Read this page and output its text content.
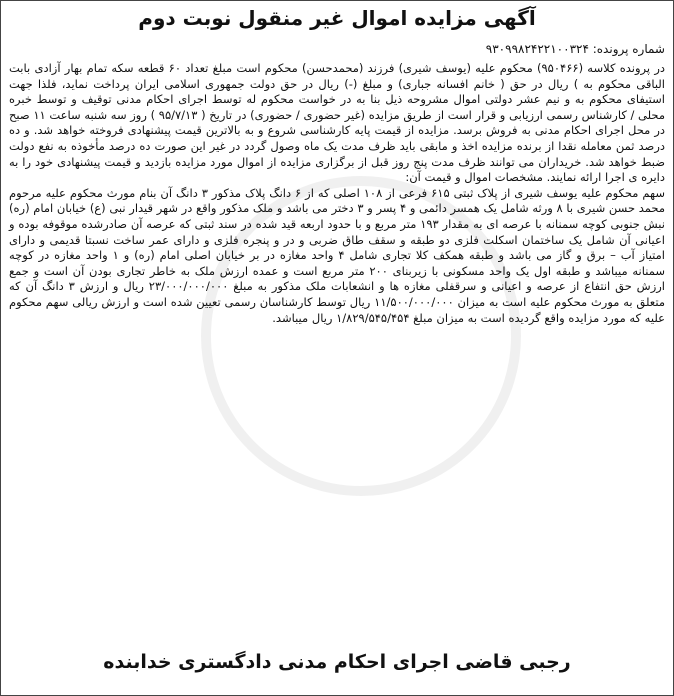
آگهی مزایده اموال غیر منقول نوبت دوم
شماره پرونده: ۹۳۰۹۹۸۲۴۲۲۱۰۰۳۲۴

در پرونده کلاسه (۹۵۰۴۶۶) محکوم علیه (یوسف شیری) فرزند (محمدحسن) محکوم است مبلغ تعداد ۶۰ قطعه سکه تمام بهار آزادی بابت الباقی محکوم به ) ریال در حق ( خانم افسانه جباری) و مبلغ (-) ریال در حق دولت جمهوری اسلامی ایران پرداخت نماید، فلذا جهت استیفای محکوم به و نیم عشر دولتی اموال مشروحه ذیل بنا به در خواست محکوم له توسط اجرای احکام مدنی توقیف و توسط خبره محلی / کارشناس رسمی ارزیابی و قرار است از طریق مزایده (غیر حضوری / حضوری) در تاریخ ( ۹۵/۷/۱۳ ) روز سه شنبه ساعت ۱۱ صبح در محل اجرای احکام مدنی به فروش برسد. مزایده از قیمت پایه کارشناسی شروع و به بالاترین قیمت پیشنهادی فروخته خواهد شد. و ده درصد ثمن معامله نقدا از برنده مزایده اخذ و مابقی باید ظرف مدت یک ماه وصول گردد در غیر این صورت ده درصد مأخوذه به نفع دولت ضبط خواهد شد. خریداران می توانند ظرف مدت پنج روز قبل از برگزاری مزایده از اموال مورد مزایده بازدید و قیمت پیشنهادی خود را به دایره ی اجرا ارائه نمایند. مشخصات اموال و قیمت آن:

سهم محکوم علیه یوسف شیری از پلاک ثبتی ۶۱۵ فرعی از ۱۰۸ اصلی که از ۶ دانگ پلاک مذکور ۳ دانگ آن بنام مورث محکوم علیه مرحوم محمد حسن شیری با ۸ ورثه شامل یک همسر دائمی و ۴ پسر و ۳ دختر می باشد و ملک مذکور واقع در شهر قیدار نبی (ع) خیابان امام (ره) نبش جنوبی کوچه سمنانه با عرصه ای به مقدار ۱۹۳ متر مربع و با حدود اربعه قید شده در سند ثبتی که عرصه آن صادرشده موقوفه بوده و اعیانی آن شامل یک ساختمان اسکلت فلزی دو طبقه و سقف طاق ضربی و در و پنجره فلزی و دارای عمر ساخت نسبتا قدیمی و دارای امتیاز آب – برق و گاز می باشد و طبقه همکف کلا تجاری شامل ۴ واحد مغازه در بر خیابان اصلی امام (ره) و ۱ واحد مغازه در کوچه سمنانه میباشد و طبقه اول یک واحد مسکونی با زیربنای ۲۰۰ متر مربع است و عمده ارزش ملک به خاطر تجاری بودن آن است و جمع ارزش حق انتفاع از عرصه و اعیانی و سرقفلی مغازه ها و انشعابات ملک مذکور به مبلغ ۲۳/۰۰۰/۰۰۰/۰۰۰ ریال و ارزش ۳ دانگ آن که متعلق به مورث محکوم علیه است به میزان ۱۱/۵۰۰/۰۰۰/۰۰۰ ریال توسط کارشناسان رسمی تعیین شده است و ارزش ریالی سهم محکوم علیه که مورد مزایده واقع گردیده است به میزان مبلغ ۱/۸۲۹/۵۴۵/۴۵۴ ریال میباشد.

رجبی قاضی اجرای احکام مدنی دادگستری خدابنده
